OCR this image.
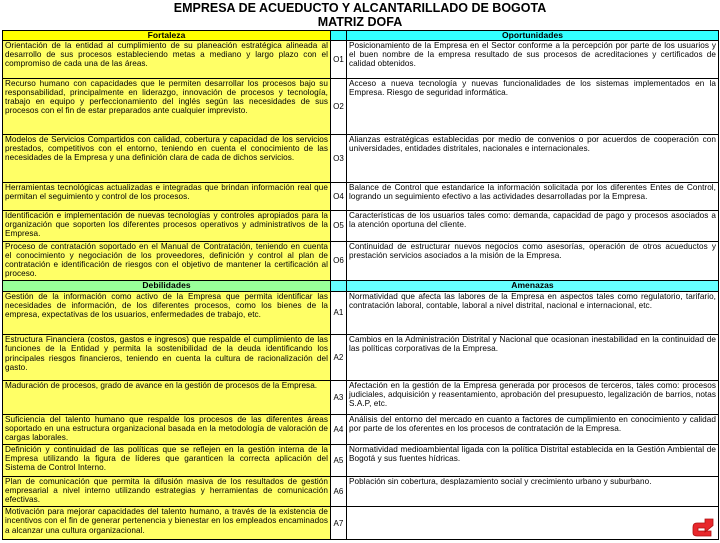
EMPRESA DE ACUEDUCTO Y ALCANTARILLADO DE BOGOTA
MATRIZ DOFA
Fortaleza		Oportunidades
Orientación de la entidad al cumplimiento de su planeación estratégica alineada al desarrollo de sus procesos estableciendo metas a mediano y largo plazo con el compromiso de cada una de las áreas.	O1	Posicionamiento de la Empresa en el Sector conforme a la percepción por parte de los usuarios y el buen nombre de la empresa resultado de sus procesos de acreditaciones y certificados de calidad obtenidos.
Recurso humano con capacidades que le permiten desarrollar los procesos bajo su responsabilidad, principalmente en liderazgo, innovación de procesos y tecnología, trabajo en equipo y perfeccionamiento del inglés según las necesidades de sus procesos con el fin de estar preparados ante cualquier imprevisto.	O2	Acceso a nueva tecnología y nuevas funcionalidades de los sistemas implementados en la Empresa. Riesgo de seguridad informática.
Modelos de Servicios Compartidos con calidad, cobertura y capacidad de los servicios prestados, competitivos con el entorno, teniendo en cuenta el conocimiento de las necesidades de la Empresa y una definición clara de cada de dichos servicios.	O3	Alianzas estratégicas establecidas por medio de convenios o por acuerdos de cooperación con universidades, entidades distritales, nacionales e internacionales.
Herramientas tecnológicas actualizadas e integradas que brindan información real que permitan el seguimiento y control de los procesos.	O4	Balance de Control que estandarice la información solicitada por los diferentes Entes de Control, logrando un seguimiento efectivo a las actividades desarrolladas por la Empresa.
Identificación e implementación de nuevas tecnologías y controles apropiados para la organización que soporten los diferentes procesos operativos y administrativos de la Empresa.	O5	Características de los usuarios tales como: demanda, capacidad de pago y procesos asociados a la atención oportuna del cliente.
Proceso de contratación soportado en el Manual de Contratación, teniendo en cuenta el conocimiento y negociación de los proveedores, definición y control al plan de contratación e identificación de riesgos con el objetivo de mantener la certificación al proceso.	O6	Continuidad de estructurar nuevos negocios como asesorías, operación de otros acueductos y prestación servicios asociados a la misión de la Empresa.
Debilidades		Amenazas
Gestión de la información como activo de la Empresa que permita identificar las necesidades de información, de los diferentes procesos, como los bienes de la empresa, expectativas de los usuarios, enfermedades de trabajo, etc.	A1	Normatividad que afecta las labores de la Empresa en aspectos tales como regulatorio, tarifario, contratación laboral, contable, laboral a nivel distrital, nacional e internacional, etc.
Estructura Financiera (costos, gastos e ingresos) que respalde el cumplimiento de las funciones de la Entidad y permita la sostenibilidad de la deuda identificando los principales riesgos financieros, teniendo en cuenta la cultura de racionalización del gasto.	A2	Cambios en la Administración Distrital y Nacional que ocasionan inestabilidad en la continuidad de las políticas corporativas de la Empresa.
Maduración de procesos, grado de avance en la gestión de procesos de la Empresa.	A3	Afectación en la gestión de la Empresa generada por procesos de terceros, tales como: procesos judiciales, adquisición y reasentamiento, aprobación del presupuesto, legalización de barrios, notas S.A.P, etc.
Suficiencia del talento humano que respalde los procesos de las diferentes áreas soportado en una estructura organizacional basada en la metodología de valoración de cargas laborales.	A4	Análisis del entorno del mercado en cuanto a factores de cumplimiento en conocimiento y calidad por parte de los oferentes en los procesos de contratación de la Empresa.
Definición y continuidad de las políticas que se reflejen en la gestión interna de la Empresa utilizando la figura de líderes que garanticen la correcta aplicación del Sistema de Control Interno.	A5	Normatividad medioambiental ligada con la política Distrital establecida en la Gestión Ambiental de Bogotá y sus fuentes hídricas.
Plan de comunicación que permita la difusión masiva de los resultados de gestión empresarial a nivel interno utilizando estrategias y herramientas de comunicación efectivas.	A6	Población sin cobertura, desplazamiento social y crecimiento urbano y suburbano.
Motivación para mejorar capacidades del talento humano, a través de la existencia de incentivos con el fin de generar pertenencia y bienestar en los empleados encaminados a alcanzar una cultura organizacional.	A7	
